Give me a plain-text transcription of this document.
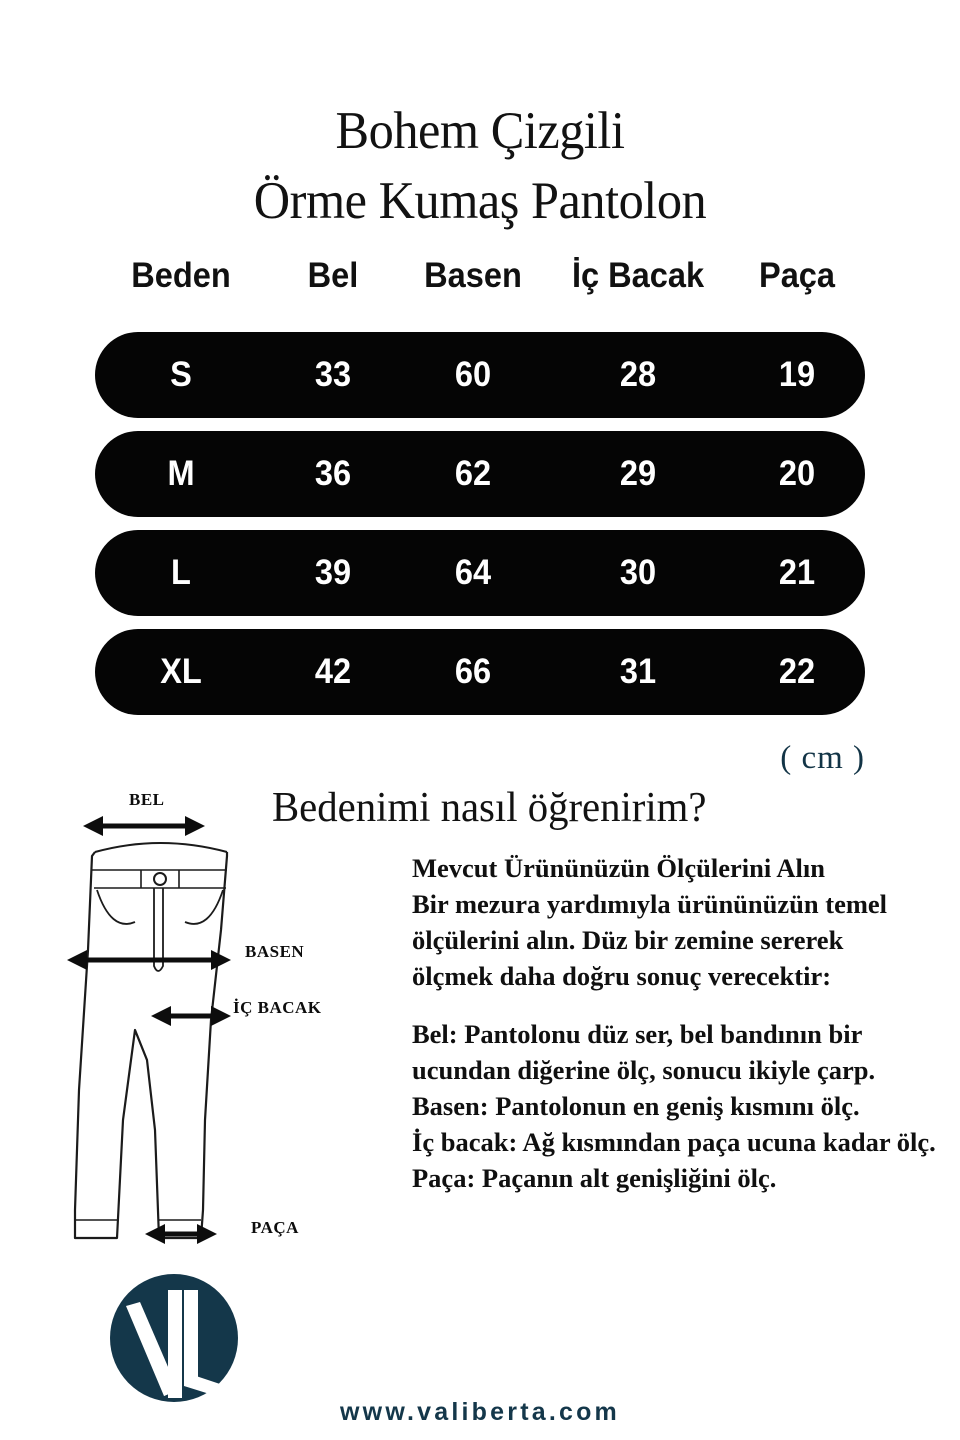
Bohem Çizgili
Örme Kumaş Pantolon
Beden	Bel	Basen	İç Bacak	Paça
S	33	60	28	19
M	36	62	29	20
L	39	64	30	21
XL	42	66	31	22
( cm )
Bedenimi nasıl öğrenirim?

Mevcut Ürününüzün Ölçülerini Alın
Bir mezura yardımıyla ürününüzün temel
ölçülerini alın. Düz bir zemine sererek
ölçmek daha doğru sonuç verecektir:

Bel: Pantolonu düz ser, bel bandının bir
ucundan diğerine ölç, sonucu ikiyle çarp.
Basen: Pantolonun en geniş kısmını ölç.
İç bacak: Ağ kısmından paça ucuna kadar ölç.
Paça: Paçanın alt genişliğini ölç.

BEL
BASEN
İÇ BACAK
PAÇA
www.valiberta.com
